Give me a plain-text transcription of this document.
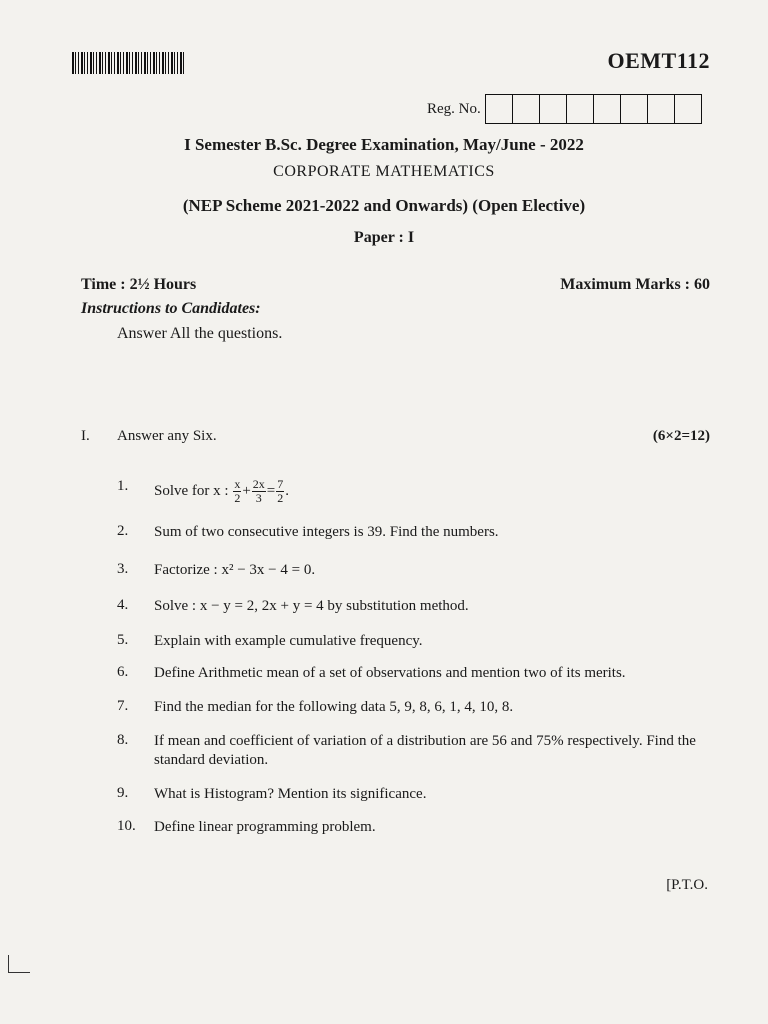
OEMT112
Reg. No.
I Semester B.Sc. Degree Examination, May/June - 2022
CORPORATE MATHEMATICS
(NEP Scheme 2021-2022 and Onwards) (Open Elective)
Paper : I
Time : 2½ Hours	Maximum Marks : 60
Instructions to Candidates:
Answer All the questions.
I. Answer any Six.	(6×2=12)
1.	Solve for x : $\frac{x}{2} + \frac{2x}{3} = \frac{7}{2}$ .
2.	Sum of two consecutive integers is 39. Find the numbers.
3.	Factorize : x² − 3x − 4 = 0.
4.	Solve : x − y = 2, 2x + y = 4 by substitution method.
5.	Explain with example cumulative frequency.
6.	Define Arithmetic mean of a set of observations and mention two of its merits.
7.	Find the median for the following data 5, 9, 8, 6, 1, 4, 10, 8.
8.	If mean and coefficient of variation of a distribution are 56 and 75% respectively. Find the standard deviation.
9.	What is Histogram? Mention its significance.
10.	Define linear programming problem.
[P.T.O.
